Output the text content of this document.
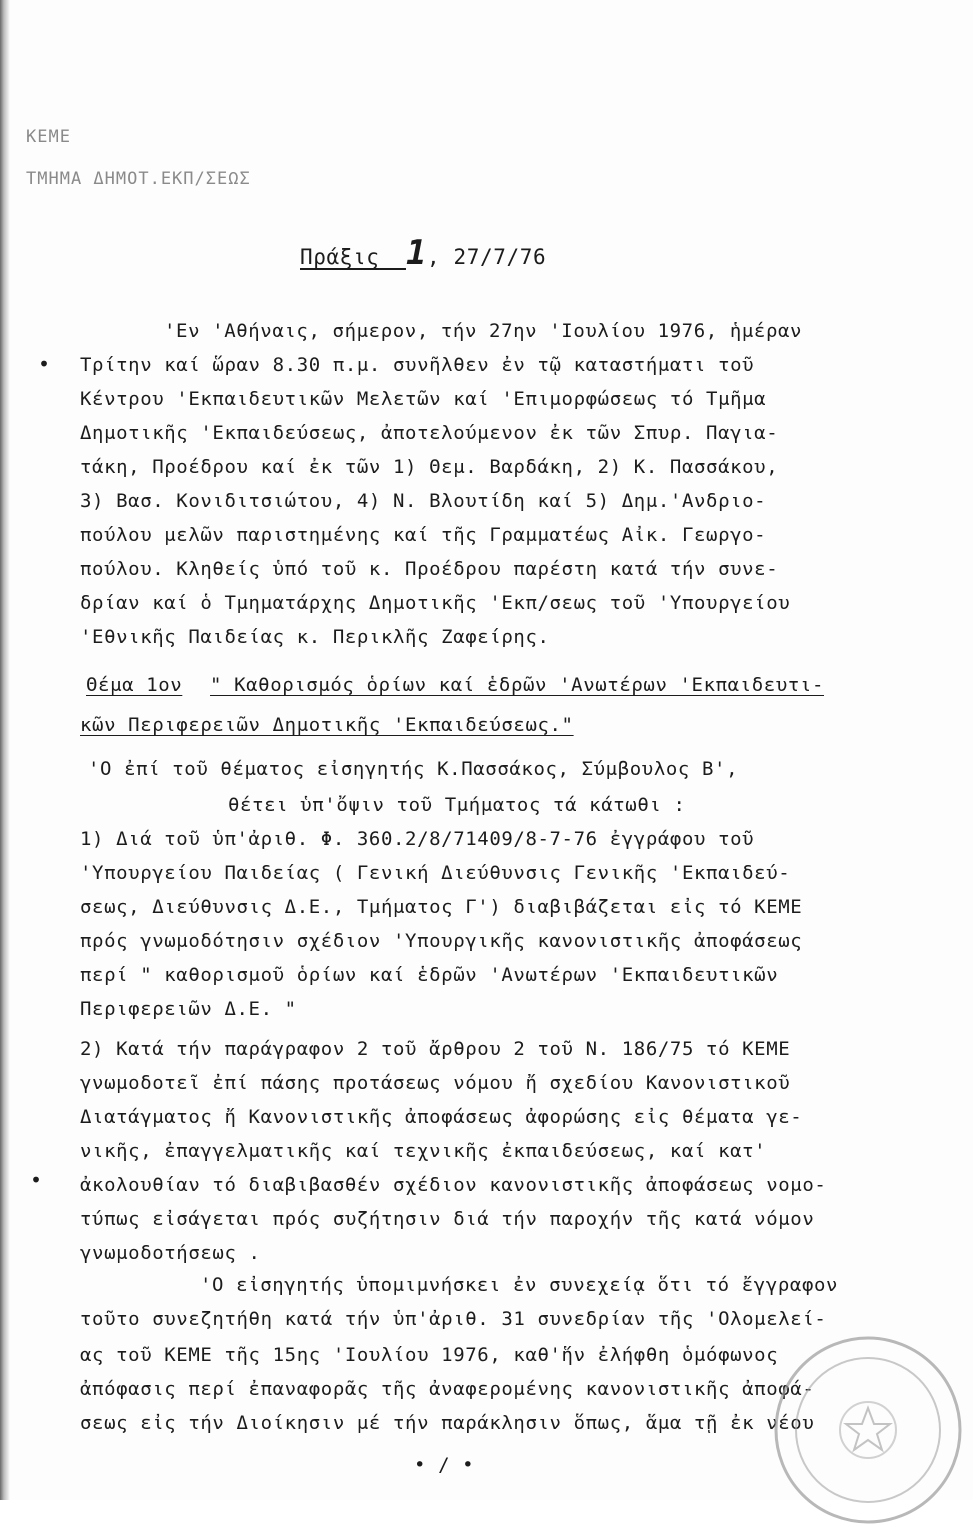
ΚΕΜΕ
ΤΜΗΜΑ ΔΗΜΟΤ.ΕΚΠ/ΣΕΩΣ
Πράξις 1, 27/7/76
'Εν 'Αθήναις, σήμερον, τήν 27ην 'Ιουλίου 1976, ἡμέραν
Τρίτην καί ὥραν 8.30 π.μ. συνῆλθεν ἐν τῷ καταστήματι τοῦ
Κέντρου 'Εκπαιδευτικῶν Μελετῶν καί 'Επιμορφώσεως τό Τμῆμα
Δημοτικῆς 'Εκπαιδεύσεως, ἀποτελούμενον ἐκ τῶν Σπυρ. Παγια-
τάκη, Προέδρου καί ἐκ τῶν 1) Θεμ. Βαρδάκη, 2) Κ. Πασσάκου,
3) Βασ. Κονιδιτσιώτου, 4) Ν. Βλουτίδη καί 5) Δημ.'Ανδριο-
πούλου μελῶν παριστημένης καί τῆς Γραμματέως Αἰκ. Γεωργο-
πούλου. Κληθείς ὑπό τοῦ κ. Προέδρου παρέστη κατά τήν συνε-
δρίαν καί ὁ Τμηματάρχης Δημοτικῆς 'Εκπ/σεως τοῦ 'Υπουργείου
'Εθνικῆς Παιδείας κ. Περικλῆς Ζαφείρης.
Θέμα 1ον " Καθορισμός ὁρίων καί ἑδρῶν 'Ανωτέρων 'Εκπαιδευτι-
κῶν Περιφερειῶν Δημοτικῆς 'Εκπαιδεύσεως."
'Ο ἐπί τοῦ θέματος εἰσηγητής Κ.Πασσάκος, Σύμβουλος Β',
θέτει ὑπ'ὄψιν τοῦ Τμήματος τά κάτωθι :
1) Διά τοῦ ὑπ'ἀριθ. Φ. 360.2/8/71409/8-7-76 ἐγγράφου τοῦ
'Υπουργείου Παιδείας ( Γενική Διεύθυνσις Γενικῆς 'Εκπαιδεύ-
σεως, Διεύθυνσις Δ.Ε., Τμήματος Γ') διαβιβάζεται εἰς τό ΚΕΜΕ
πρός γνωμοδότησιν σχέδιον 'Υπουργικῆς κανονιστικῆς ἀποφάσεως
περί " καθορισμοῦ ὁρίων καί ἑδρῶν 'Ανωτέρων 'Εκπαιδευτικῶν
Περιφερειῶν Δ.Ε. "
2) Κατά τήν παράγραφον 2 τοῦ ἄρθρου 2 τοῦ Ν. 186/75 τό ΚΕΜΕ
γνωμοδοτεῖ ἐπί πάσης προτάσεως νόμου ἤ σχεδίου Κανονιστικοῦ
Διατάγματος ἤ Κανονιστικῆς ἀποφάσεως ἀφορώσης εἰς θέματα γε-
νικῆς, ἐπαγγελματικῆς καί τεχνικῆς ἐκπαιδεύσεως, καί κατ'
ἀκολουθίαν τό διαβιβασθέν σχέδιον κανονιστικῆς ἀποφάσεως νομο-
τύπως εἰσάγεται πρός συζήτησιν διά τήν παροχήν τῆς κατά νόμον
γνωμοδοτήσεως .
'Ο εἰσηγητής ὑπομιμνήσκει ἐν συνεχείᾳ ὅτι τό ἔγγραφον
τοῦτο συνεζητήθη κατά τήν ὑπ'ἀριθ. 31 συνεδρίαν τῆς 'Ολομελεί-
ας τοῦ ΚΕΜΕ τῆς 15ης 'Ιουλίου 1976, καθ'ἥν ἐλήφθη ὁμόφωνος
ἀπόφασις περί ἐπαναφορᾶς τῆς ἀναφερομένης κανονιστικῆς ἀποφά-
σεως εἰς τήν Διοίκησιν μέ τήν παράκλησιν ὅπως, ἅμα τῇ ἐκ νέου
• / •
•
•
